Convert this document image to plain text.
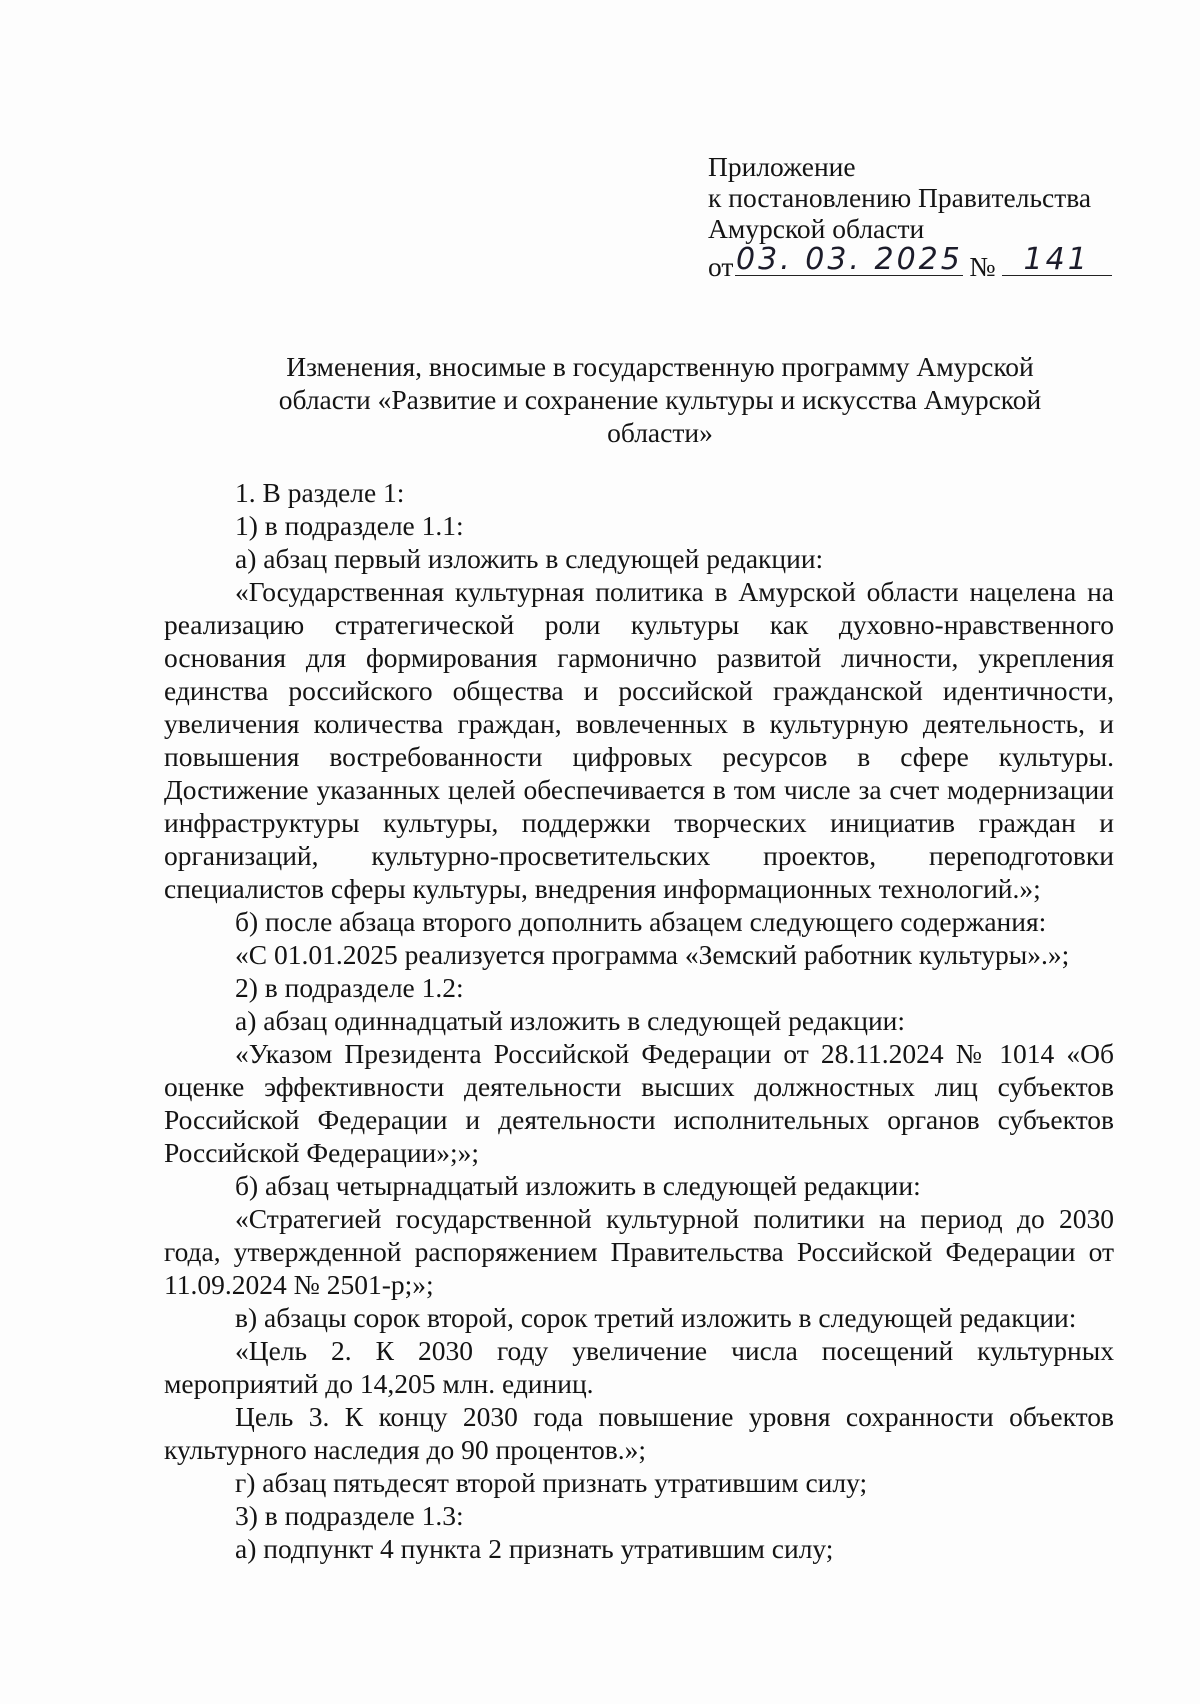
Приложение
к постановлению Правительства
Амурской области
от 03. 03. 2025 № 141
Изменения, вносимые в государственную программу Амурской
области «Развитие и сохранение культуры и искусства Амурской
области»

1. В разделе 1:

1) в подразделе 1.1:

а) абзац первый изложить в следующей редакции:

«Государственная культурная политика в Амурской области нацелена на реализацию стратегической роли культуры как духовно-нравственного основания для формирования гармонично развитой личности, укрепления единства российского общества и российской гражданской идентичности, увеличения количества граждан, вовлеченных в культурную деятельность, и повышения востребованности цифровых ресурсов в сфере культуры. Достижение указанных целей обеспечивается в том числе за счет модернизации инфраструктуры культуры, поддержки творческих инициатив граждан и организаций, культурно-просветительских проектов, переподготовки специалистов сферы культуры, внедрения информационных технологий.»;

б) после абзаца второго дополнить абзацем следующего содержания:

«С 01.01.2025 реализуется программа «Земский работник культуры».»;

2) в подразделе 1.2:

а) абзац одиннадцатый изложить в следующей редакции:

«Указом Президента Российской Федерации от 28.11.2024 № 1014 «Об оценке эффективности деятельности высших должностных лиц субъектов Российской Федерации и деятельности исполнительных органов субъектов Российской Федерации»;»;

б) абзац четырнадцатый изложить в следующей редакции:

«Стратегией государственной культурной политики на период до 2030 года, утвержденной распоряжением Правительства Российской Федерации от 11.09.2024 № 2501-р;»;

в) абзацы сорок второй, сорок третий изложить в следующей редакции:

«Цель 2. К 2030 году увеличение числа посещений культурных мероприятий до 14,205 млн. единиц.

Цель 3. К концу 2030 года повышение уровня сохранности объектов культурного наследия до 90 процентов.»;

г) абзац пятьдесят второй признать утратившим силу;

3) в подразделе 1.3:

а) подпункт 4 пункта 2 признать утратившим силу;
